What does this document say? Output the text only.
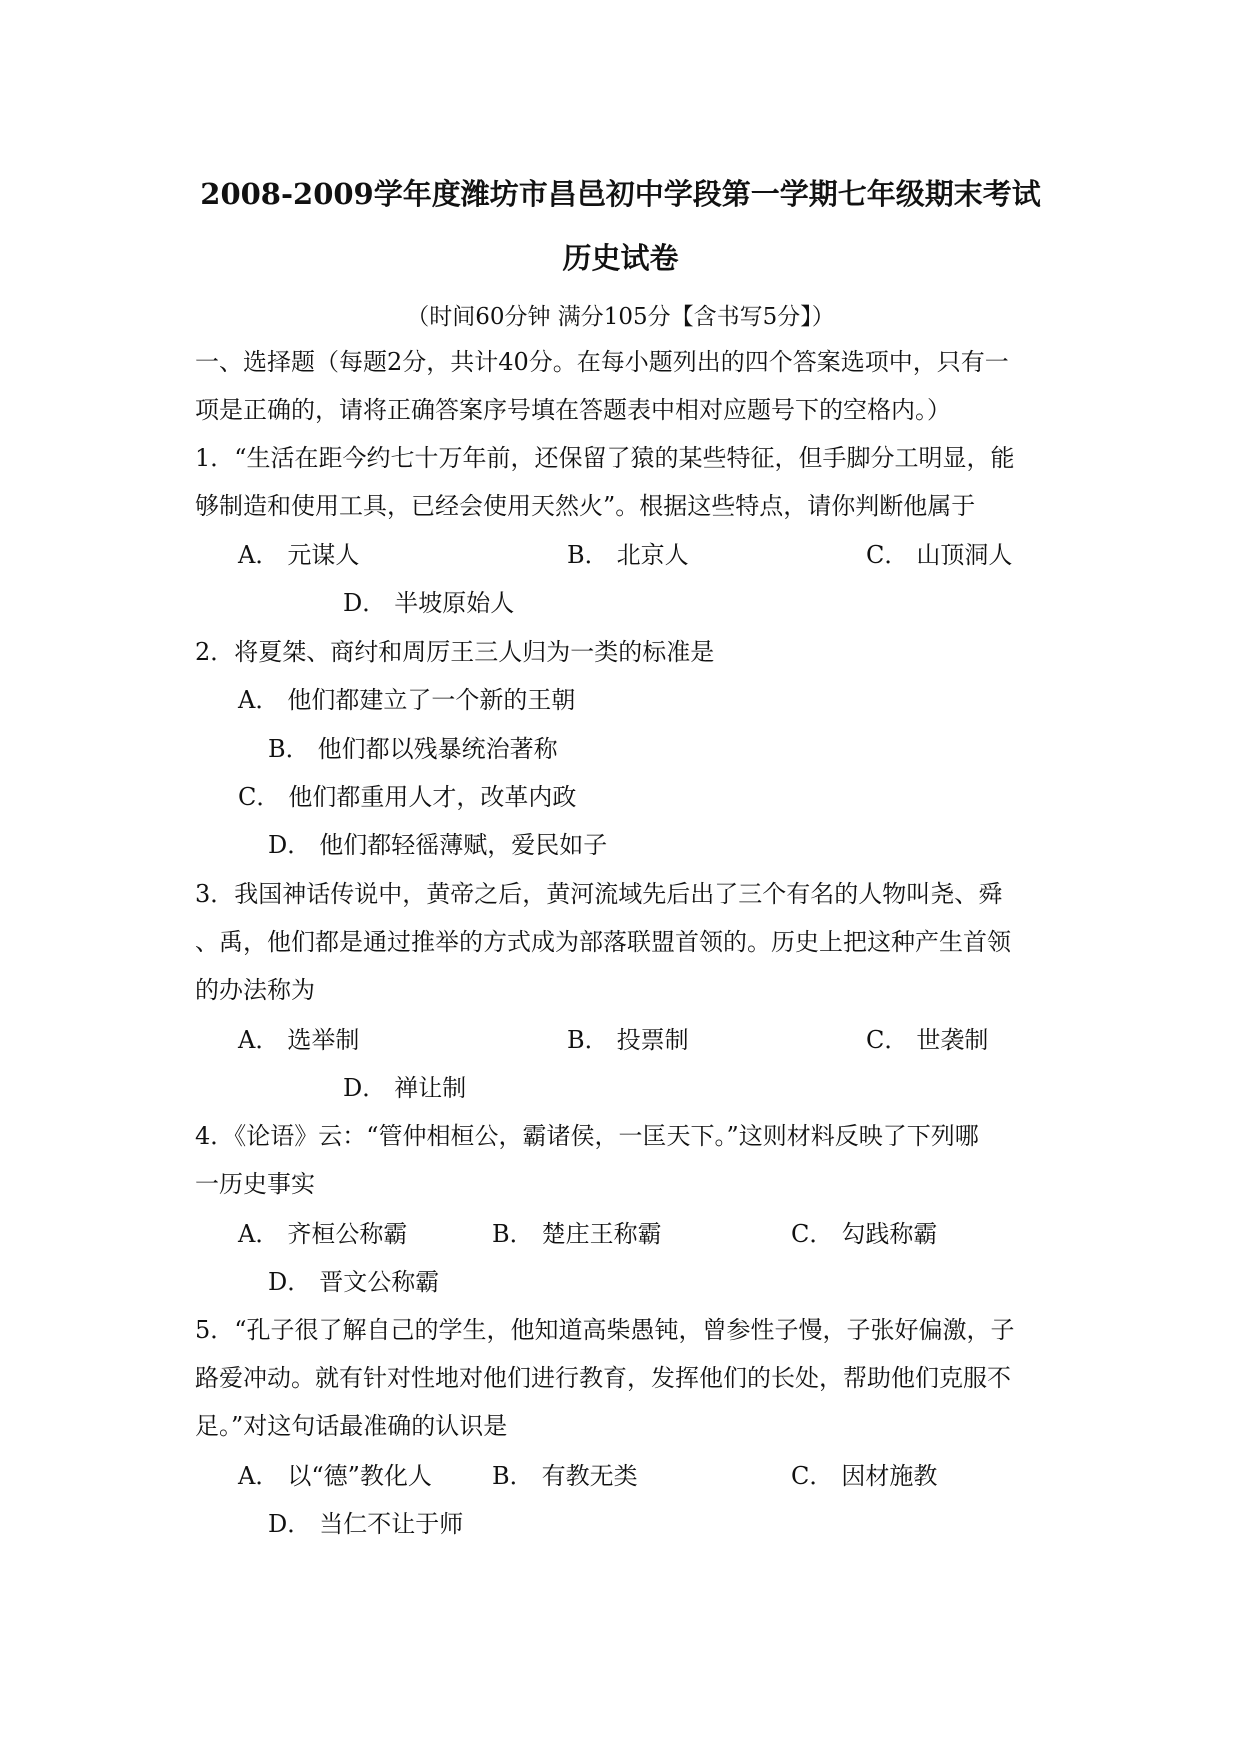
2008-2009学年度潍坊市昌邑初中学段第一学期七年级期末考试
历史试卷
（时间60分钟 满分105分【含书写5分】）
一、选择题（每题2分，共计40分。在每小题列出的四个答案选项中，只有一
项是正确的，请将正确答案序号填在答题表中相对应题号下的空格内。）
1．“生活在距今约七十万年前，还保留了猿的某些特征，但手脚分工明显，能
够制造和使用工具，已经会使用天然火”。根据这些特点，请你判断他属于
A． 元谋人	B． 北京人	C． 山顶洞人
D． 半坡原始人
2．将夏桀、商纣和周厉王三人归为一类的标准是
A． 他们都建立了一个新的王朝
B． 他们都以残暴统治著称
C． 他们都重用人才，改革内政
D． 他们都轻徭薄赋，爱民如子
3．我国神话传说中，黄帝之后，黄河流域先后出了三个有名的人物叫尧、舜
、禹，他们都是通过推举的方式成为部落联盟首领的。历史上把这种产生首领
的办法称为
A． 选举制	B． 投票制	C． 世袭制
D． 禅让制
4．《论语》云：“管仲相桓公，霸诸侯，一匡天下。”这则材料反映了下列哪
一历史事实
A． 齐桓公称霸	B． 楚庄王称霸	C． 勾践称霸
D． 晋文公称霸
5．“孔子很了解自己的学生，他知道高柴愚钝，曾参性子慢，子张好偏激，子
路爱冲动。就有针对性地对他们进行教育，发挥他们的长处，帮助他们克服不
足。”对这句话最准确的认识是
A． 以“德”教化人	B． 有教无类	C． 因材施教
D． 当仁不让于师
